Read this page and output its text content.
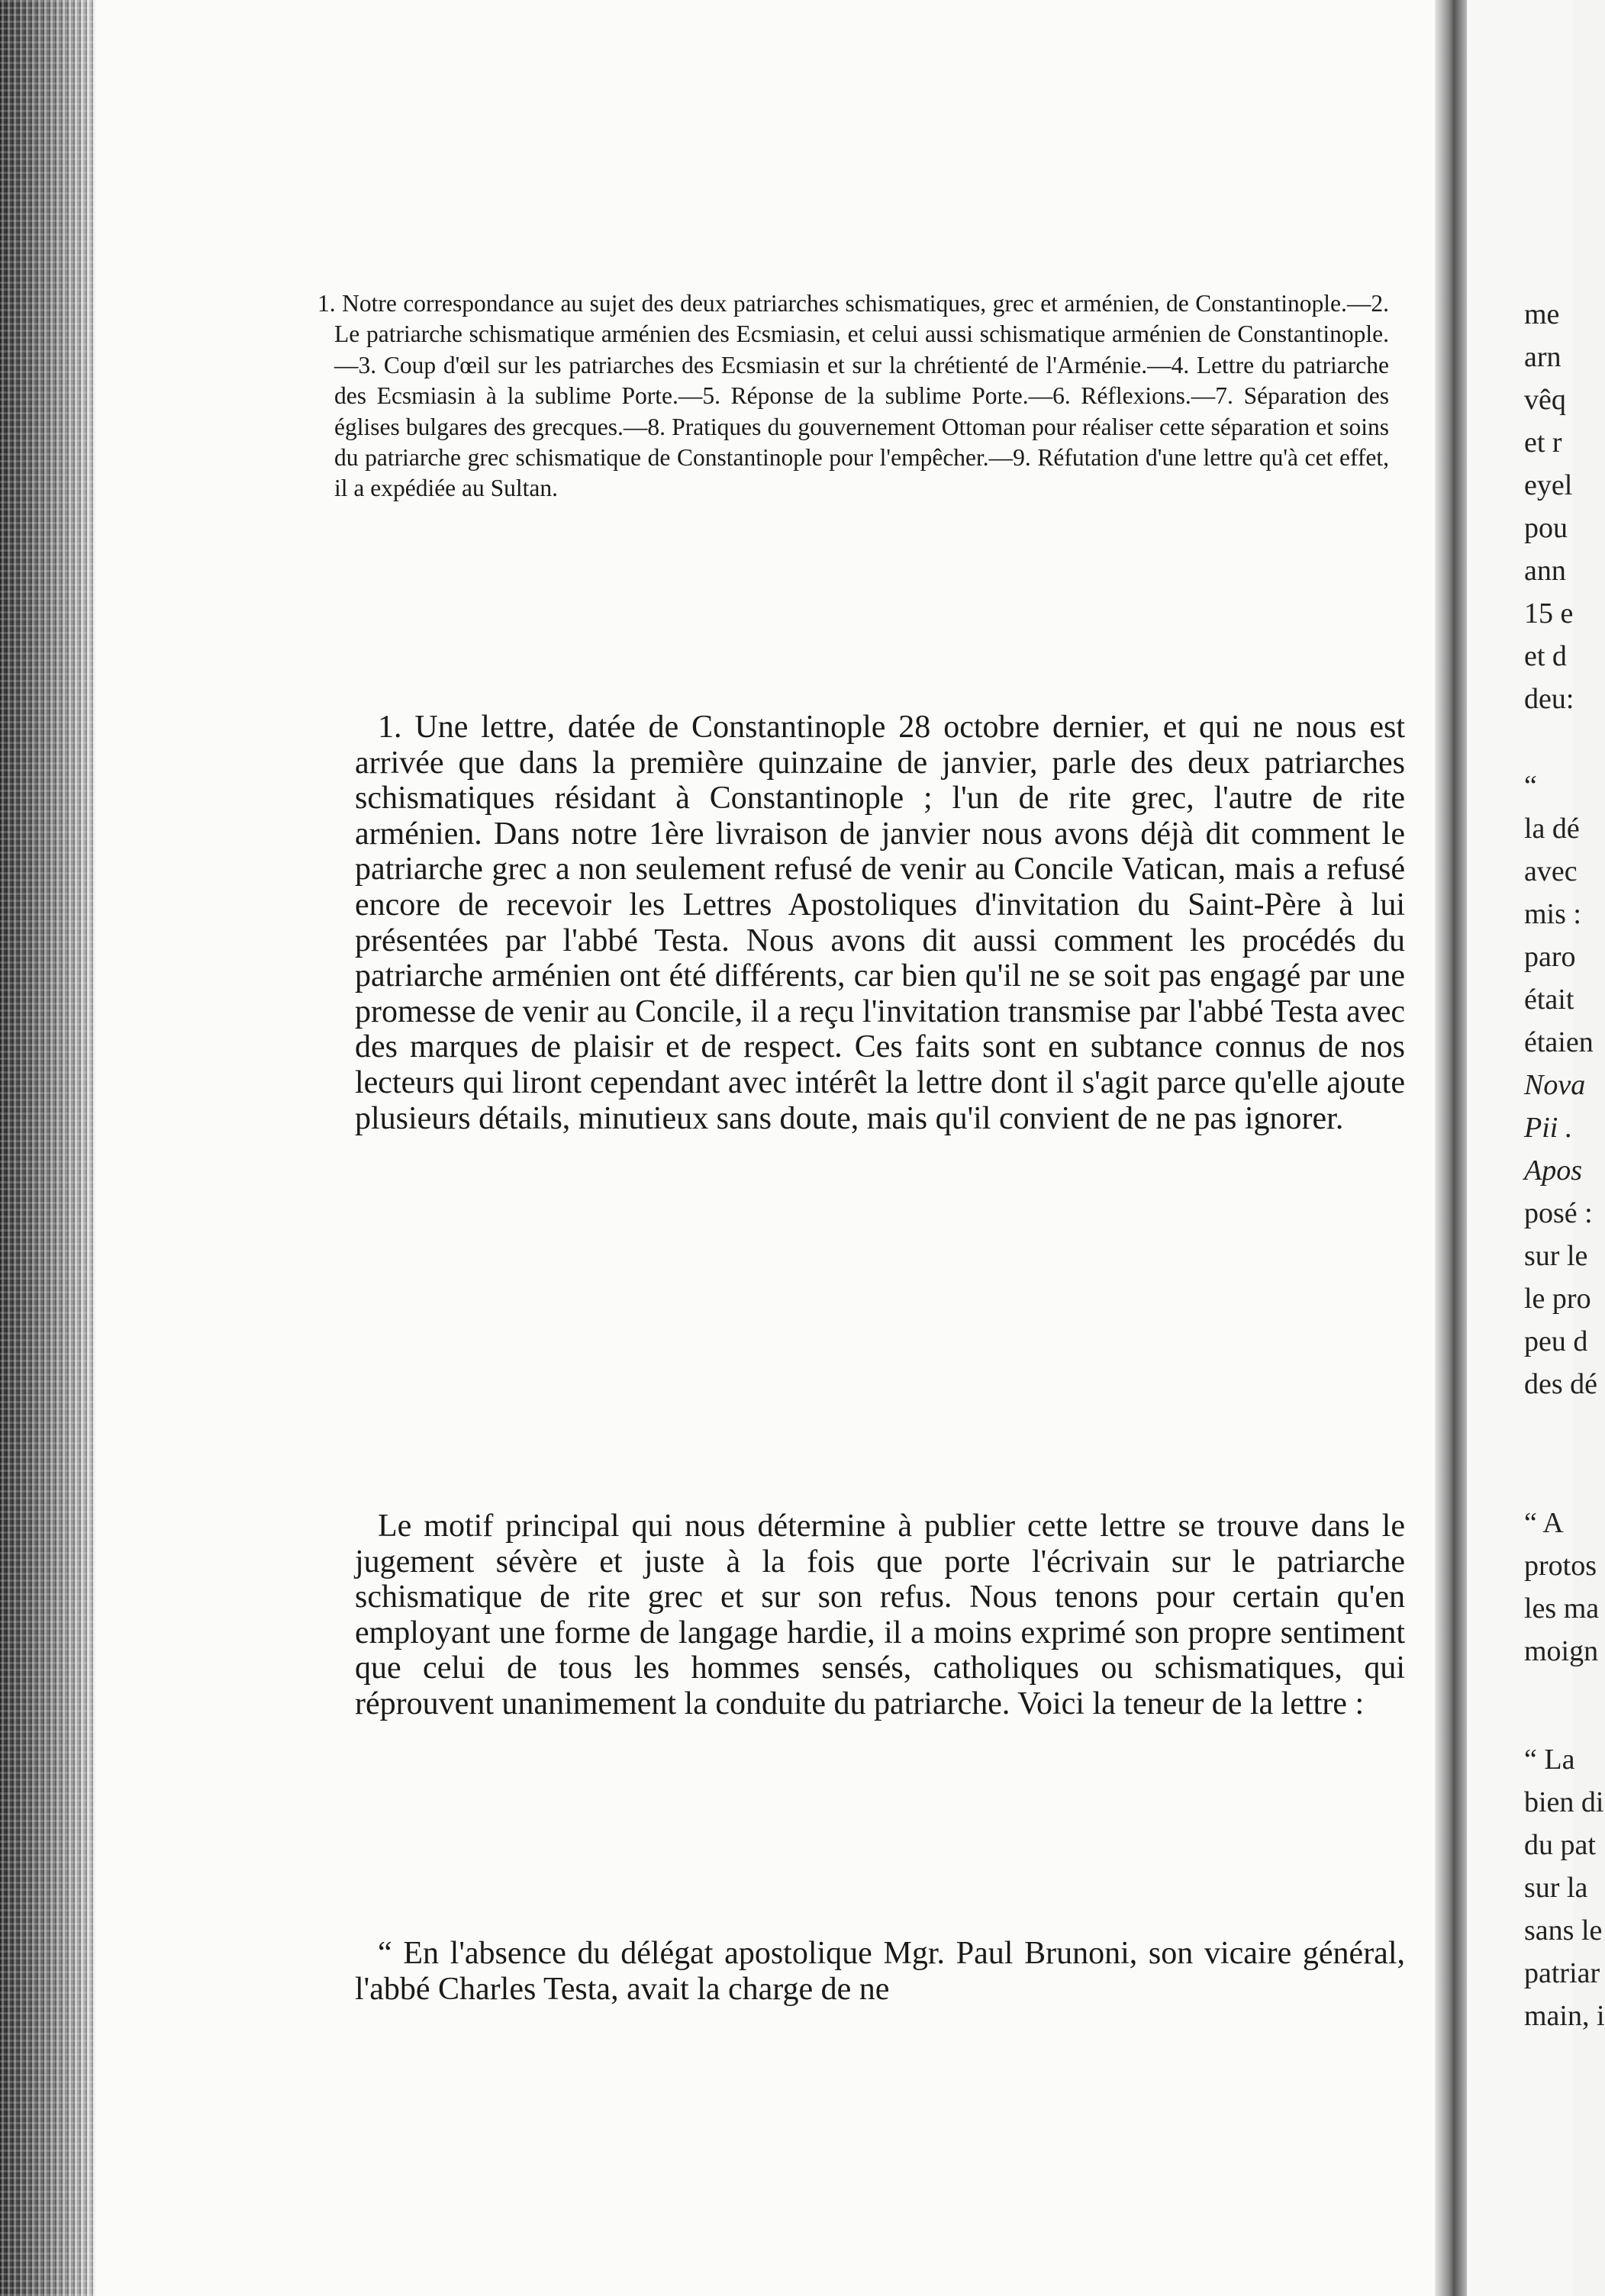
1. Notre correspondance au sujet des deux patriarches schismatiques, grec et arménien, de Constantinople.—2. Le patriarche schismatique arménien des Ecsmiasin, et celui aussi schismatique arménien de Constantinople.—3. Coup d'œil sur les patriarches des Ecsmiasin et sur la chrétienté de l'Arménie.—4. Lettre du patriarche des Ecsmiasin à la sublime Porte.—5. Réponse de la sublime Porte.—6. Réflexions.—7. Séparation des églises bulgares des grecques.—8. Pratiques du gouvernement Ottoman pour réaliser cette séparation et soins du patriarche grec schismatique de Constantinople pour l'empêcher.—9. Réfutation d'une lettre qu'à cet effet, il a expédiée au Sultan.

1. Une lettre, datée de Constantinople 28 octobre dernier, et qui ne nous est arrivée que dans la première quinzaine de janvier, parle des deux patriarches schismatiques résidant à Constantinople ; l'un de rite grec, l'autre de rite arménien. Dans notre 1ère livraison de janvier nous avons déjà dit comment le patriarche grec a non seulement refusé de venir au Concile Vatican, mais a refusé encore de recevoir les Lettres Apostoliques d'invitation du Saint-Père à lui présentées par l'abbé Testa. Nous avons dit aussi comment les procédés du patriarche arménien ont été différents, car bien qu'il ne se soit pas engagé par une promesse de venir au Concile, il a reçu l'invitation transmise par l'abbé Testa avec des marques de plaisir et de respect. Ces faits sont en subtance connus de nos lecteurs qui liront cependant avec intérêt la lettre dont il s'agit parce qu'elle ajoute plusieurs détails, minutieux sans doute, mais qu'il convient de ne pas ignorer.

Le motif principal qui nous détermine à publier cette lettre se trouve dans le jugement sévère et juste à la fois que porte l'écrivain sur le patriarche schismatique de rite grec et sur son refus. Nous tenons pour certain qu'en employant une forme de langage hardie, il a moins exprimé son propre sentiment que celui de tous les hommes sensés, catholiques ou schismatiques, qui réprouvent unanimement la conduite du patriarche. Voici la teneur de la lettre :

“ En l'absence du délégat apostolique Mgr. Paul Brunoni, son vicaire général, l'abbé Charles Testa, avait la charge de ne

me
arn
vêq
et r
eyel
pou
ann
15 e
et d
deu:
“
la dé
avec
mis :
paro
était
étaien
Nova
Pii .
Apos
posé :
sur le
le pro
peu d
des dé
“ A
protos
les ma
moign
“ La
bien di
du pat
sur la
sans le
patriar
main, i
